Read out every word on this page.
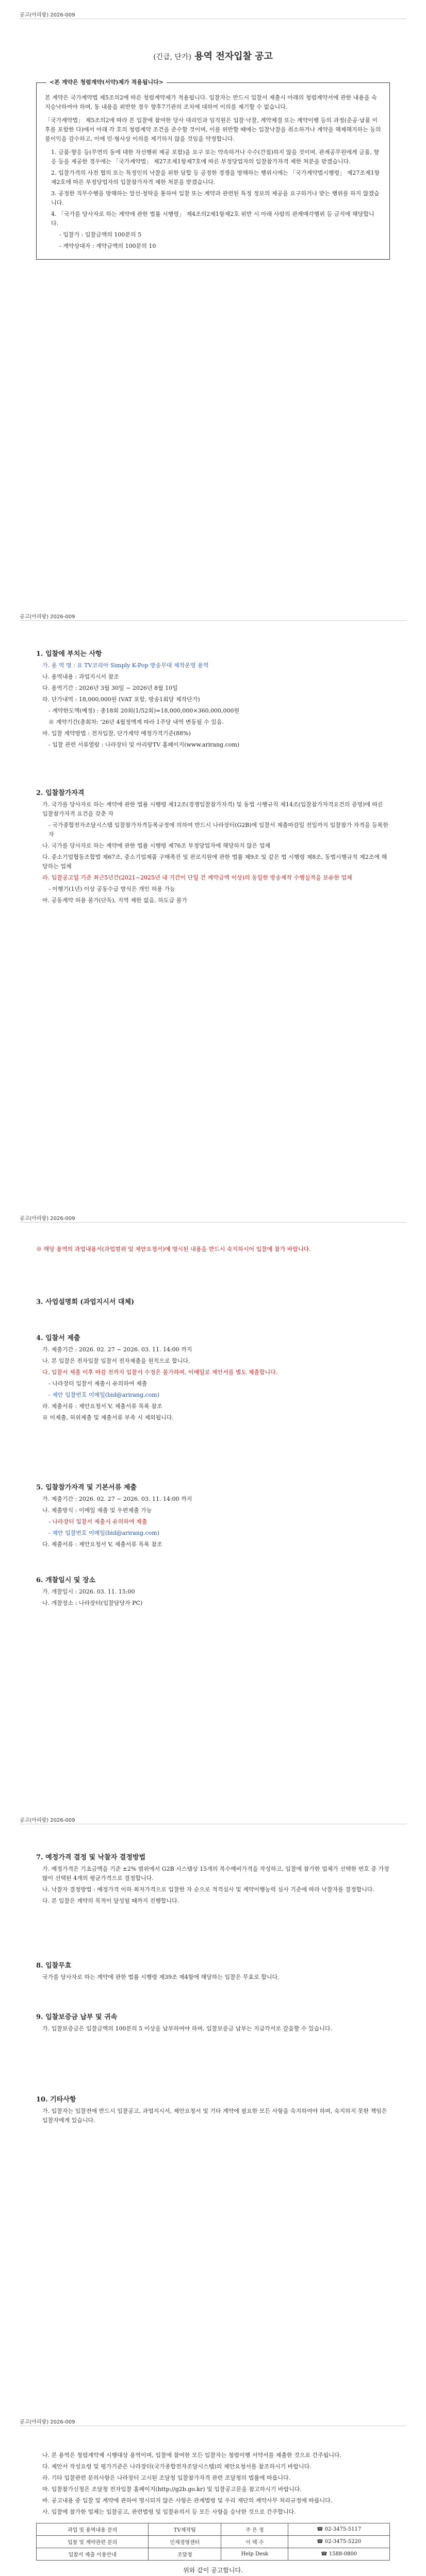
공고(아리랑) 2026-009

(긴급, 단가) 용역 전자입찰 공고

<본 계약은 청렴계약(서약)제가 적용됩니다>

본 계약은 국가계약법 제5조의2에 따른 청렴계약제가 적용됩니다. 입찰자는 반드시 입찰서 제출시 아래의 청렴계약서에 관한 내용을 숙지승낙하여야 하며, 동 내용을 위반한 경우 향후7기관의 조치에 대하여 이의를 제기할 수 없습니다.

「국가계약법」 제5조의2에 따라 본 입찰에 참여한 당사 대리인과 임직원은 입찰·낙찰, 계약체결 또는 계약이행 등의 과정(준공·납품 이후를 포함한 다)에서 아래 각 호의 청렴계약 조건을 준수할 것이며, 이를 위반할 때에는 입찰낙찰을 취소하거나 계약을 해제해지하는 등의 불이익을 감수하고, 이에 민·형사상 이의를 제기하지 않을 것임을 약정합니다.

1. 금품·향응 등(무연의 동에 대한 자선행위 제공 포함)을 요구 또는 약속하거나 수수(간접)하지 않을 것이며, 관계공무원에게 금품, 향응 등을 제공한 경우에는 「국가계약법」 제27조제1항제7호에 따른 부정당업자의 입찰참가자격 제한 처분을 받겠습니다.

2. 입찰가격의 사전 협의 또는 특정인의 낙찰을 위한 담합 등 공정한 경쟁을 방해하는 행위시에는 「국가계약법시행령」 제27조제1항제2호에 따른 부정당업자의 입찰참가자격 제한 처분을 받겠습니다.

3. 공정한 직무수행을 방해하는 알선·청탁을 통하여 입찰 또는 계약과 관련된 특정 정보의 제공을 요구하거나 받는 행위를 하지 않겠습니다.

4. 「국가를 당사자로 하는 계약에 관한 법률 시행령」 제4조의2제1항제2호 위반 시 아래 사람의 관계매각행위 등 금지에 해당합니다.

- 입찰가 : 입찰금액의 100분의 5

- 계약상대자 : 계약금액의 100분의 10

공고(아리랑) 2026-009

1. 입찰에 부치는 사항

가. 용 역 명 : 요 TV코리아 Simply K-Pop 방송무대 제작운영 용역

나. 용역내용 : 과업지시서 참조

다. 용역기간 : 2026년 3월 30일 ~ 2026년 8월 10일

라. 단가내역 : 18,000,000원 (VAT 포함, 방송1회당 제작단가)

- 계약한도액(예정) : 총18회 20회(1/52회)=18,000,000×360,000,000원

※ 계약기간(총회차: '26년 4월정액계 따라 1주당 내역 변동될 수 있음.

마. 입찰 계약방법 : 전자입찰, 단가계약 예정가격기준(88%)

- 입찰 관련 서류열람 : 나라장터 및 아리랑TV 홈페이지(www.arirang.com)

2. 입찰참가자격

가. 국가를 당사자로 하는 계약에 관한 법률 시행령 제12조(경쟁입찰참가자격) 및 동법 시행규칙 제14조(입찰참가자격요건의 증명)에 따른 입찰참가자격 요건을 갖춘 자

- 국가종합전자조달시스템 입찰참가자격등록규정에 의하여 반드시 나라장터(G2B)에 입찰서 제출마감일 전일까지 입찰참가 자격을 등록한 자

나. 국가를 당사자로 하는 계약에 관한 법률 시행령 제76조 부정당업자에 해당하지 않은 업체

다. 중소기업협동조합법 제67조, 중소기업제품 구매촉진 및 판로지원에 관한 법률 제9조 및 같은 법 시행령 제8조, 동법시행규칙 제2조에 해당하는 업체

라. 입찰공고일 기준 최근5년간(2021~2025년 내 기간이 단일 건 계약금액 이상)의 동일한 방송제작 수행실적을 보유한 업체

- 이행기(1년) 이상 공동수급 방식은 개인 허용 가능

마. 공동계약 허용 불가(단독), 지역 제한 없음, 하도급 불가

공고(아리랑) 2026-009

※ 해당 용역의 과업내용서(과업범위 및 제안요청서)에 명시된 내용을 반드시 숙지하시어 입찰에 참가 바랍니다.

3. 사업설명회 (과업지시서 대체)

4. 입찰서 제출

가. 제출기간 : 2026. 02. 27 ~ 2026. 03. 11. 14:00 까지

나. 본 입찰은 전자입찰 입찰서 전자제출을 원칙으로 합니다.

다. 입찰서 제출 이후 마감 전까지 입찰서 수정은 불가하며, 이메일로 제안서를 별도 제출합니다.

- 나라장터 입찰서 제출시 유의하여 제출

- 제안 입찰번호 이메일(bid@arirang.com)

라. 제출서류 : 제안요청서 V, 제출서류 목록 참조

※ 미제출, 허위제출 및 제출서류 부족 시 제외됩니다.

5. 입찰참가자격 및 기본서류 제출

가. 제출기간 : 2026. 02. 27 ~ 2026. 03. 11. 14:00 까지

나. 제출방식 : 이메일 제출 및 우편제출 가능

- 나라장터 입찰서 제출시 유의하여 제출

- 제안 입찰번호 이메일(bid@arirang.com)

다. 제출서류 : 제안요청서 V, 제출서류 목록 참조

6. 개찰일시 및 장소

가. 개찰일시 : 2026. 03. 11. 15:00

나. 개찰장소 : 나라장터(입찰담당자 PC)

공고(아리랑) 2026-009

7. 예정가격 결정 및 낙찰자 결정방법

가. 예정가격은 기초금액을 기준 ±2% 범위에서 G2B 시스템상 15개의 복수예비가격을 작성하고, 입찰에 참가한 업체가 선택한 번호 중 가장 많이 선택된 4개의 평균가격으로 결정합니다.

나. 낙찰자 결정방법 : 예정가격 이하 최저가격으로 입찰한 자 순으로 적격심사 및 계약이행능력 심사 기준에 따라 낙찰자를 결정합니다.

다. 본 입찰은 계약의 목적이 달성될 때까지 진행합니다.

8. 입찰무효

국가를 당사자로 하는 계약에 관한 법률 시행령 제39조 제4항에 해당하는 입찰은 무효로 합니다.

9. 입찰보증금 납부 및 귀속

가. 입찰보증금은 입찰금액의 100분의 5 이상을 납부하여야 하며, 입찰보증금 납부는 지급각서로 갈음할 수 있습니다.

10. 기타사항

가. 입찰자는 입찰전에 반드시 입찰공고, 과업지시서, 제안요청서 및 기타 계약에 필요한 모든 사항을 숙지하여야 하며, 숙지하지 못한 책임은 입찰자에게 있습니다.

공고(아리랑) 2026-009

나. 본 용역은 청렴계약제 시행대상 용역이며, 입찰에 참여한 모든 입찰자는 청렴이행 서약서를 제출한 것으로 간주됩니다.

다. 제안서 작성요령 및 평가기준은 나라장터(국가종합전자조달시스템)의 제안요청서를 참조하시기 바랍니다.

라. 기타 입찰관련 문의사항은 나라장터 고시된 조달청 입찰참가자격 관련 조달청의 법률에 따릅니다.

마. 입찰참가신청은 조달청 전자입찰 홈페이지(http://g2b.go.kr) 및 입찰공고문을 참고하시기 바랍니다.

바. 공고내용 중 입찰 및 계약에 관하여 명시되지 않은 사항은 관계법령 및 우리 재단의 계약사무 처리규정에 따릅니다.

사. 입찰에 참가한 업체는 입찰공고, 관련법령 및 입찰유의서 등 모든 사항을 승낙한 것으로 간주합니다.

과업 및 용역내용 문의	TV제작팀	주 은 정	☎ 02-3475-5117
입찰 및 계약관련 문의	인재경영센터	이 택 수	☎ 02-3475-5220
입찰서 제출 이용안내	조달청	Help Desk	☎ 1588-0800

위와 같이 공고합니다.
